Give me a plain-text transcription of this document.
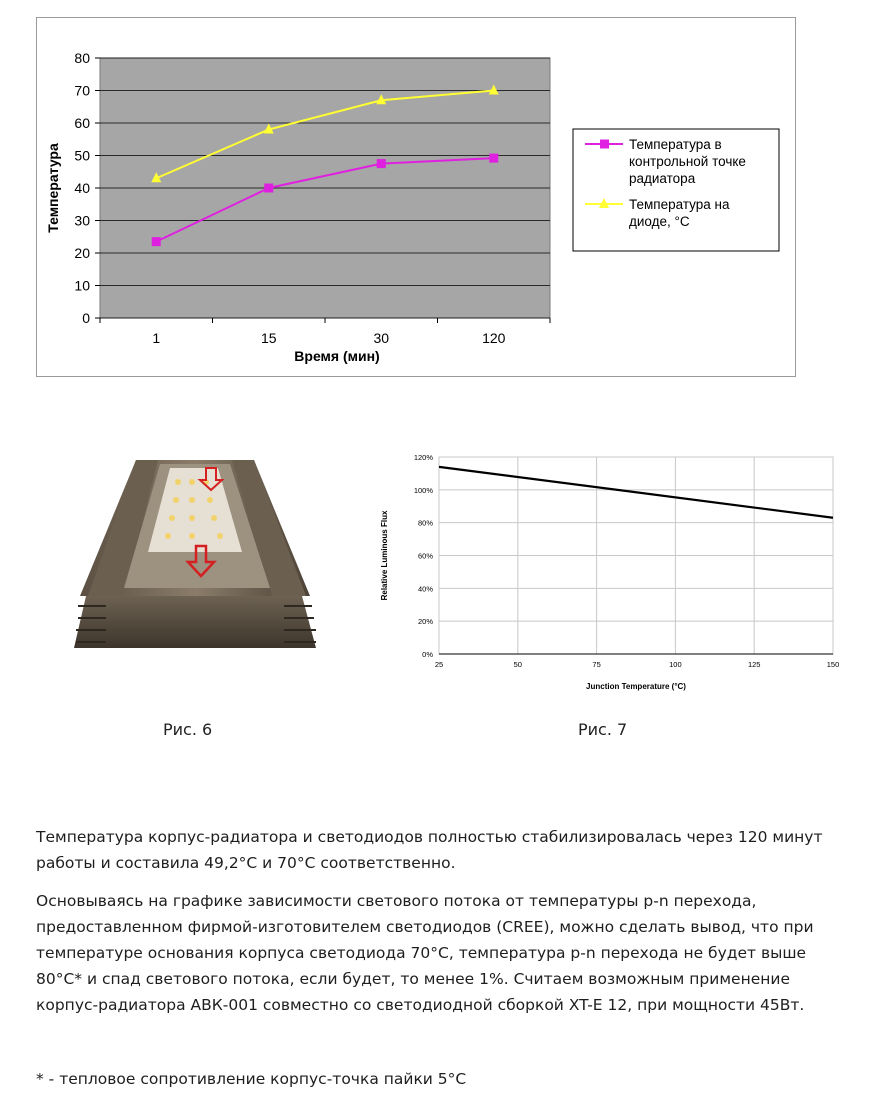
0
10
20
30
40
50
60
70
80
1	15	30	120
Время (мин)
Температура	Температура в
контрольной точке
радиатора
Температура на
диоде, °С
0%
20%
40%
60%
80%
100%
120%
25	50	75	100	125	150
Junction Temperature (°C)
Relative Luminous Flux
Рис. 6	Рис. 7

Температура корпус-радиатора и светодиодов полностью стабилизировалась через 120 минут работы и составила 49,2°C и 70°C соответственно.

Основываясь на графике зависимости светового потока от температуры p-n перехода, предоставленном фирмой-изготовителем светодиодов (CREE), можно сделать вывод, что при температуре основания корпуса светодиода 70°C, температура p-n перехода не будет выше 80°C* и спад светового потока, если будет, то менее 1%. Считаем возможным применение корпус-радиатора АВК-001 совместно со светодиодной сборкой XT-E 12, при мощности 45Вт.

* - тепловое сопротивление корпус-точка пайки 5°C
